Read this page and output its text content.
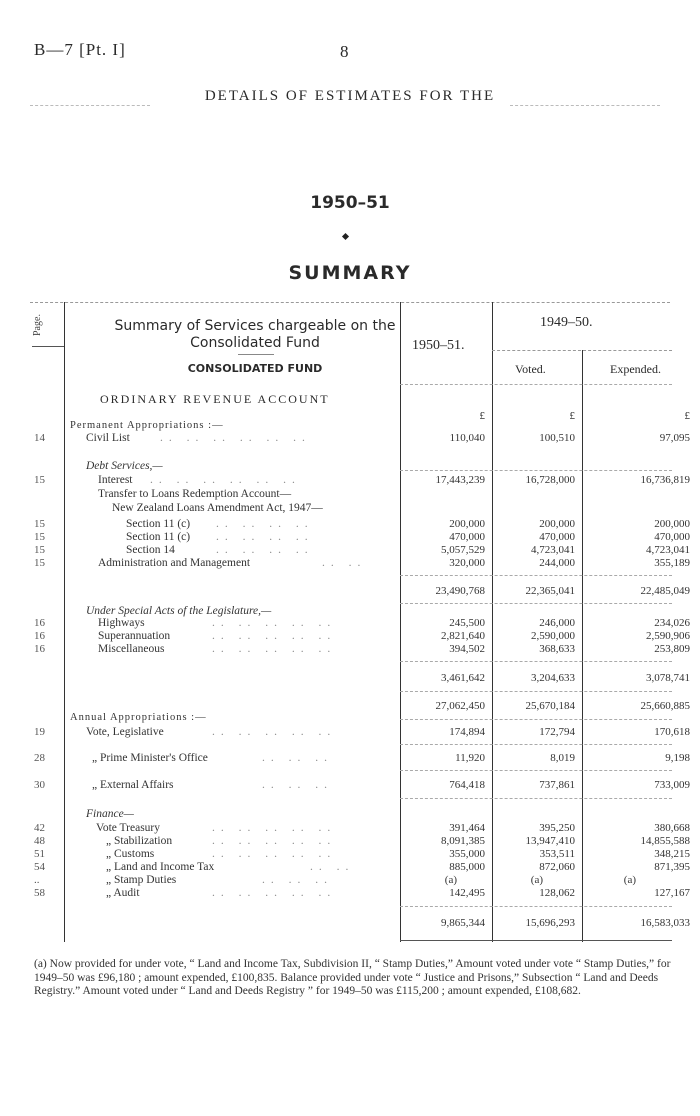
B—7 [Pt. I]	8
DETAILS OF ESTIMATES FOR THE
1950–51
SUMMARY
Page.	Summary of Services chargeable on the Consolidated Fund
CONSOLIDATED FUND
ORDINARY REVENUE ACCOUNT
1950–51.
1949–50.
Voted.	Expended.
£	£	£
Permanent Appropriations :—
14	Civil List	.. .. .. .. .. ..	110,040	100,510	97,095
Debt Services,—
15	Interest .. .. .. .. .. ..	17,443,239	16,728,000	16,736,819
Transfer to Loans Redemption Account—
New Zealand Loans Amendment Act, 1947—
15	Section 11 (c) .. .. .. ..	200,000	200,000	200,000
15	Section 11 (c) .. .. .. ..	470,000	470,000	470,000
15	Section 14	.. .. .. ..	5,057,529	4,723,041	4,723,041
15	Administration and Management	.. ..	320,000	244,000	355,189
23,490,768	22,365,041	22,485,049
Under Special Acts of the Legislature,—
16	Highways	.. .. .. .. ..	245,500	246,000	234,026
16	Superannuation	.. .. .. .. ..	2,821,640	2,590,000	2,590,906
16	Miscellaneous	.. .. .. .. ..	394,502	368,633	253,809
3,461,642	3,204,633	3,078,741
27,062,450	25,670,184	25,660,885
Annual Appropriations :—
19	Vote, Legislative	.. .. .. .. ..	174,894	172,794	170,618
28	„ Prime Minister's Office	.. .. ..	11,920	8,019	9,198
30	„ External Affairs	.. .. ..	764,418	737,861	733,009
Finance—
42	Vote Treasury	.. .. .. .. ..	391,464	395,250	380,668
48	„ Stabilization	.. .. .. .. ..	8,091,385	13,947,410	14,855,588
51	„ Customs	.. .. .. .. ..	355,000	353,511	348,215
54	„ Land and Income Tax	.. ..	885,000	872,060	871,395
..	„ Stamp Duties	.. .. ..	(a)	(a)	(a)
58	„ Audit	.. .. .. .. ..	142,495	128,062	127,167
9,865,344	15,696,293	16,583,033
(a) Now provided for under vote, “ Land and Income Tax, Subdivision II, “ Stamp Duties,” Amount voted under vote “ Stamp Duties,” for 1949–50 was £96,180 ; amount expended, £100,835. Balance provided under vote “ Justice and Prisons,” Subsection “ Land and Deeds Registry.” Amount voted under “ Land and Deeds Registry ” for 1949–50 was £115,200 ; amount expended, £108,682.
